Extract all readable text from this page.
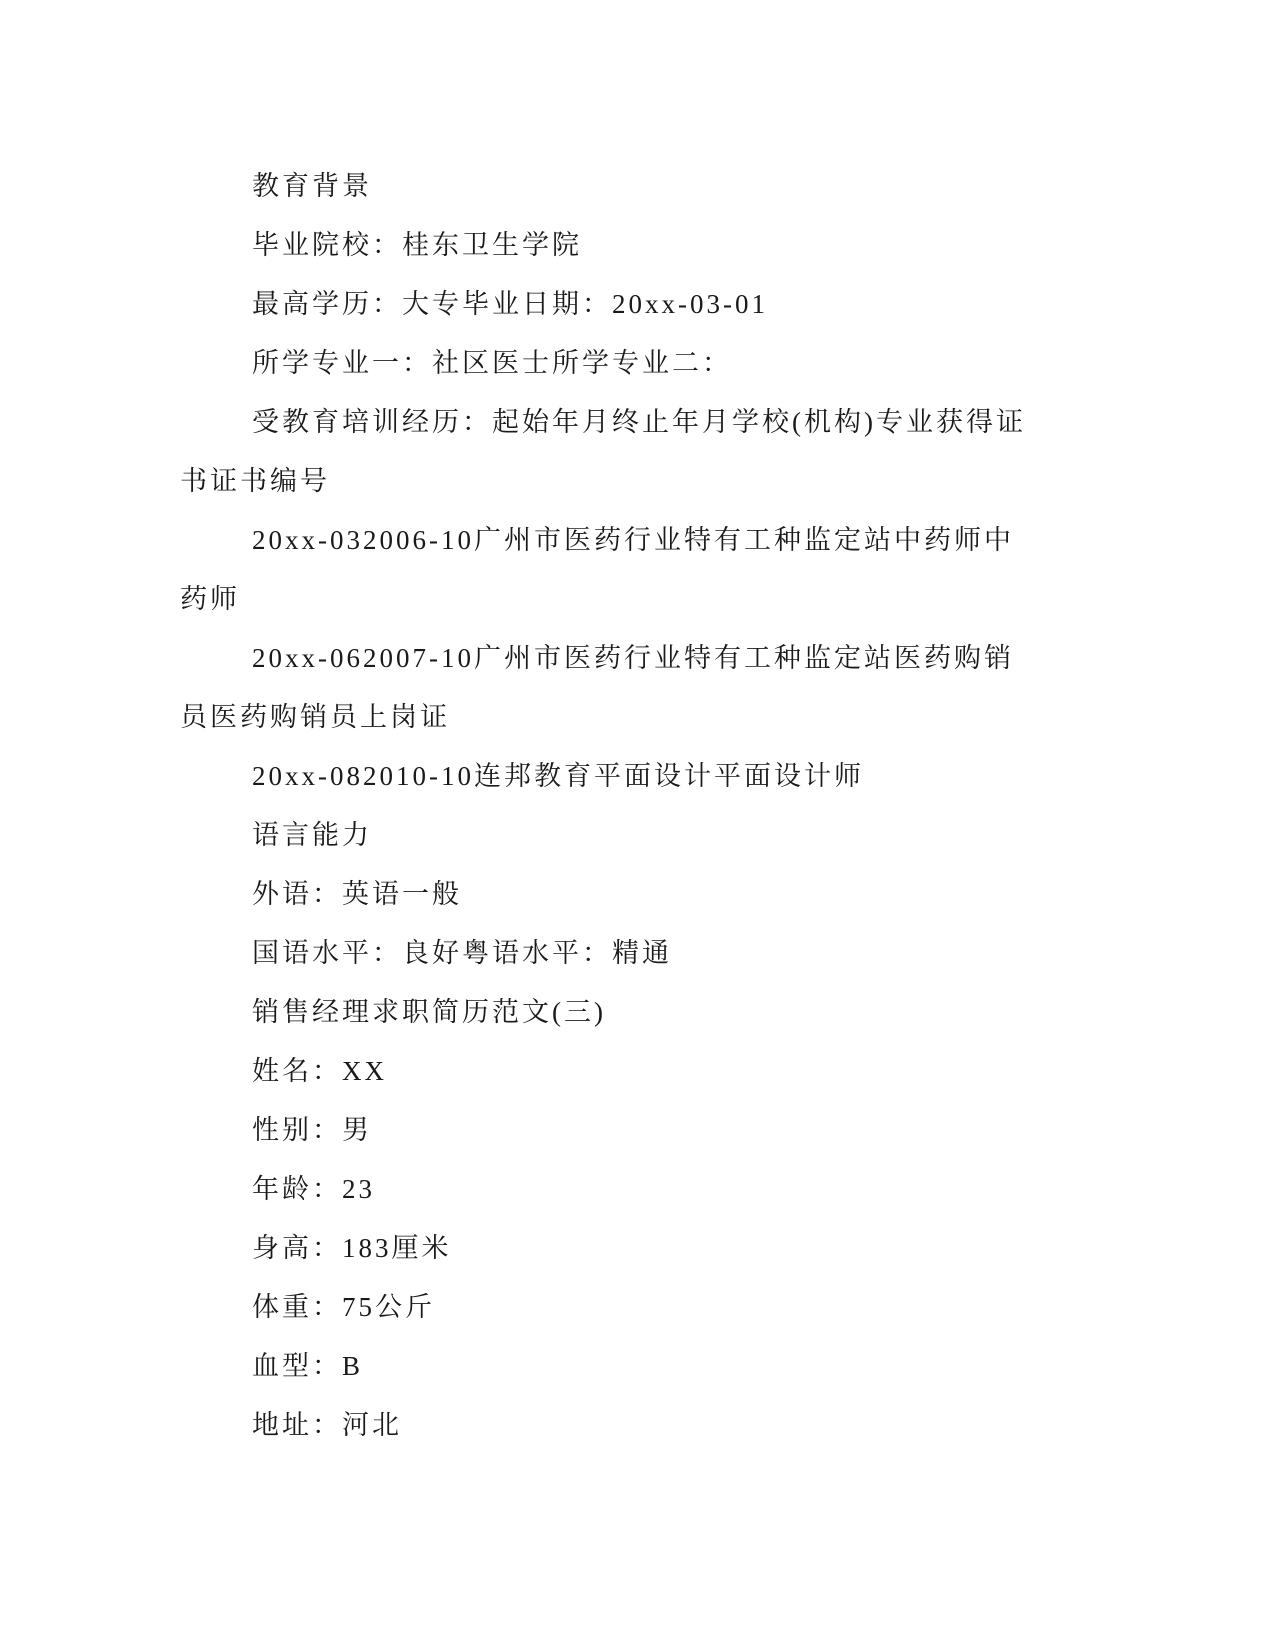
教育背景

毕业院校：桂东卫生学院

最高学历：大专毕业日期：20xx-03-01

所学专业一：社区医士所学专业二：

受教育培训经历：起始年月终止年月学校(机构)专业获得证书证书编号

20xx-032006-10广州市医药行业特有工种监定站中药师中药师

20xx-062007-10广州市医药行业特有工种监定站医药购销员医药购销员上岗证

20xx-082010-10连邦教育平面设计平面设计师

语言能力

外语：英语一般

国语水平：良好粤语水平：精通

销售经理求职简历范文(三)

姓名：XX

性别：男

年龄：23

身高：183厘米

体重：75公斤

血型：B

地址：河北
